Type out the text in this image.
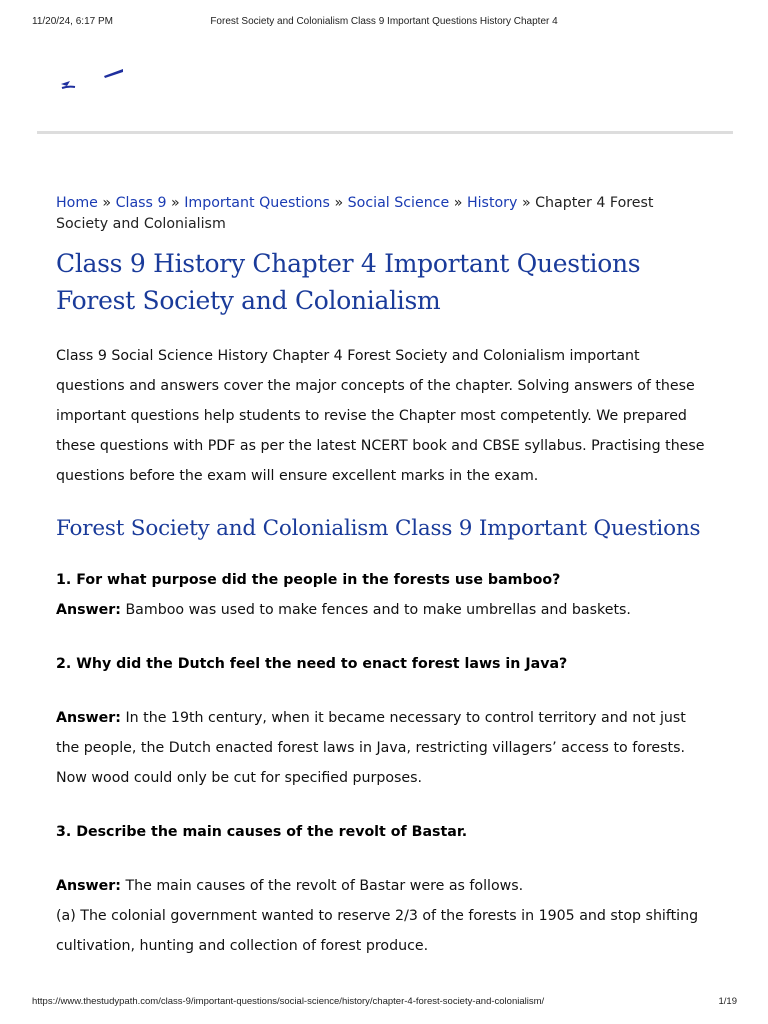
11/20/24, 6:17 PM	Forest Society and Colonialism Class 9 Important Questions History Chapter 4

Home » Class 9 » Important Questions » Social Science » History » Chapter 4 Forest Society and Colonialism

Class 9 History Chapter 4 Important Questions Forest Society and Colonialism

Class 9 Social Science History Chapter 4 Forest Society and Colonialism important questions and answers cover the major concepts of the chapter. Solving answers of these important questions help students to revise the Chapter most competently. We prepared these questions with PDF as per the latest NCERT book and CBSE syllabus. Practising these questions before the exam will ensure excellent marks in the exam.

Forest Society and Colonialism Class 9 Important Questions

1. For what purpose did the people in the forests use bamboo?

Answer: Bamboo was used to make fences and to make umbrellas and baskets.

2. Why did the Dutch feel the need to enact forest laws in Java?

Answer: In the 19th century, when it became necessary to control territory and not just the people, the Dutch enacted forest laws in Java, restricting villagers’ access to forests. Now wood could only be cut for specified purposes.

3. Describe the main causes of the revolt of Bastar.

Answer: The main causes of the revolt of Bastar were as follows.

(a) The colonial government wanted to reserve 2/3 of the forests in 1905 and stop shifting cultivation, hunting and collection of forest produce.

https://www.thestudypath.com/class-9/important-questions/social-science/history/chapter-4-forest-society-and-colonialism/	1/19
